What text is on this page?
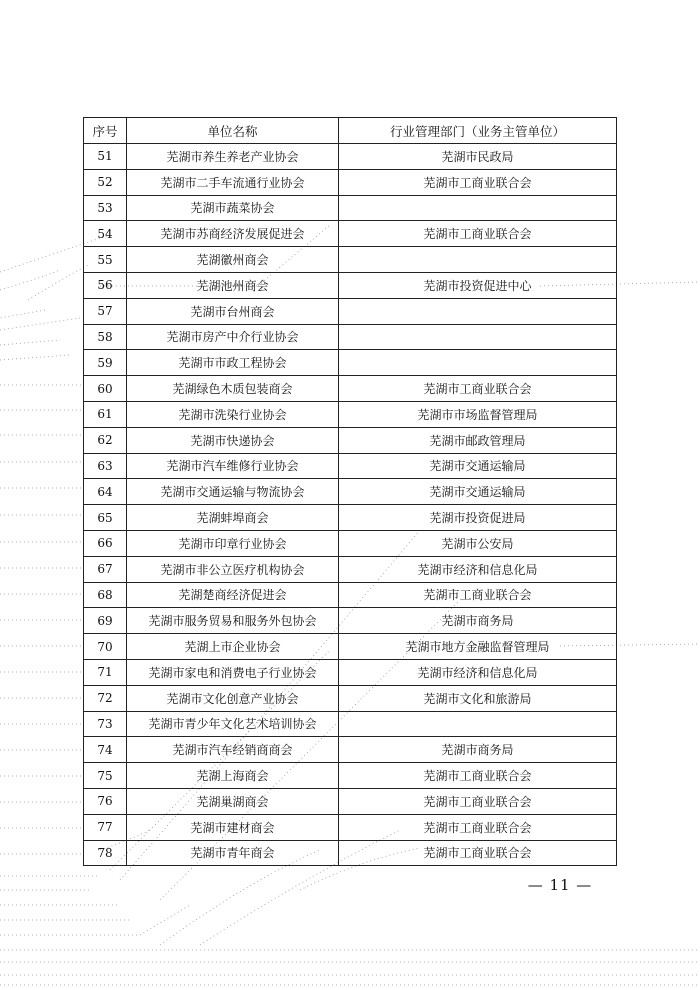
序号	单位名称	行业管理部门（业务主管单位）
51	芜湖市养生养老产业协会	芜湖市民政局
52	芜湖市二手车流通行业协会	芜湖市工商业联合会
53	芜湖市蔬菜协会	
54	芜湖市苏商经济发展促进会	芜湖市工商业联合会
55	芜湖徽州商会	
56	芜湖池州商会	芜湖市投资促进中心
57	芜湖市台州商会	
58	芜湖市房产中介行业协会	
59	芜湖市市政工程协会	
60	芜湖绿色木质包装商会	芜湖市工商业联合会
61	芜湖市洗染行业协会	芜湖市市场监督管理局
62	芜湖市快递协会	芜湖市邮政管理局
63	芜湖市汽车维修行业协会	芜湖市交通运输局
64	芜湖市交通运输与物流协会	芜湖市交通运输局
65	芜湖蚌埠商会	芜湖市投资促进局
66	芜湖市印章行业协会	芜湖市公安局
67	芜湖市非公立医疗机构协会	芜湖市经济和信息化局
68	芜湖楚商经济促进会	芜湖市工商业联合会
69	芜湖市服务贸易和服务外包协会	芜湖市商务局
70	芜湖上市企业协会	芜湖市地方金融监督管理局
71	芜湖市家电和消费电子行业协会	芜湖市经济和信息化局
72	芜湖市文化创意产业协会	芜湖市文化和旅游局
73	芜湖市青少年文化艺术培训协会	
74	芜湖市汽车经销商商会	芜湖市商务局
75	芜湖上海商会	芜湖市工商业联合会
76	芜湖巢湖商会	芜湖市工商业联合会
77	芜湖市建材商会	芜湖市工商业联合会
78	芜湖市青年商会	芜湖市工商业联合会
— 11 —
